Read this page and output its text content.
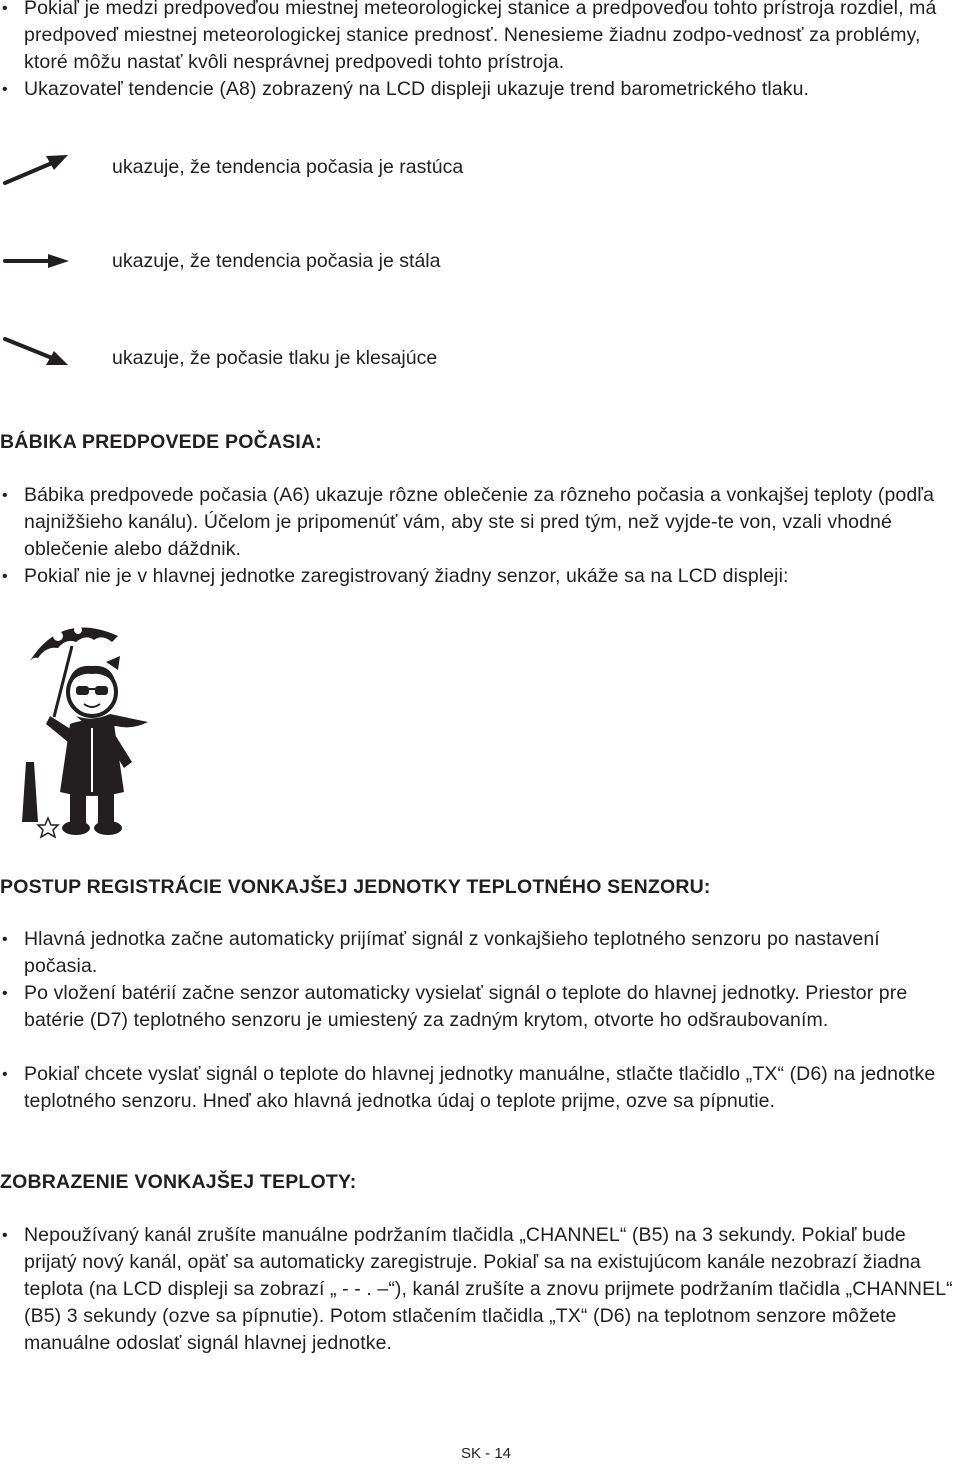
• Pokiaľ je medzi predpoveďou miestnej meteorologickej stanice a predpoveďou tohto prístroja rozdiel, má predpoveď miestnej meteorologickej stanice prednosť. Nenesieme žiadnu zodpo-vednosť za problémy, ktoré môžu nastať kvôli nesprávnej predpovedi tohto prístroja.
• Ukazovateľ tendencie (A8) zobrazený na LCD displeji ukazuje trend barometrického tlaku.
ukazuje, že tendencia počasia je rastúca
ukazuje, že tendencia počasia je stála
ukazuje, že počasie tlaku je klesajúce
BÁBIKA PREDPOVEDE POČASIA:
• Bábika predpovede počasia (A6) ukazuje rôzne oblečenie za rôzneho počasia a vonkajšej teploty (podľa najnižšieho kanálu). Účelom je pripomenúť vám, aby ste si pred tým, než vyjde-te von, vzali vhodné oblečenie alebo dáždnik.
• Pokiaľ nie je v hlavnej jednotke zaregistrovaný žiadny senzor, ukáže sa na LCD displeji:
POSTUP REGISTRÁCIE VONKAJŠEJ JEDNOTKY TEPLOTNÉHO SENZORU:
• Hlavná jednotka začne automaticky prijímať signál z vonkajšieho teplotného senzoru po nastavení počasia.
• Po vložení batérií začne senzor automaticky vysielať signál o teplote do hlavnej jednotky. Priestor pre batérie (D7) teplotného senzoru je umiestený za zadným krytom, otvorte ho odšraubovaním.
• Pokiaľ chcete vyslať signál o teplote do hlavnej jednotky manuálne, stlačte tlačidlo „TX“ (D6) na jednotke teplotného senzoru. Hneď ako hlavná jednotka údaj o teplote prijme, ozve sa pípnutie.
ZOBRAZENIE VONKAJŠEJ TEPLOTY:
• Nepoužívaný kanál zrušíte manuálne podržaním tlačidla „CHANNEL“ (B5) na 3 sekundy. Pokiaľ bude prijatý nový kanál, opäť sa automaticky zaregistruje. Pokiaľ sa na existujúcom kanále nezobrazí žiadna teplota (na LCD displeji sa zobrazí „ - - . –“), kanál zrušíte a znovu prijmete podržaním tlačidla „CHANNEL“ (B5) 3 sekundy (ozve sa pípnutie). Potom stlačením tlačidla „TX“ (D6) na teplotnom senzore môžete manuálne odoslať signál hlavnej jednotke.
SK - 14
